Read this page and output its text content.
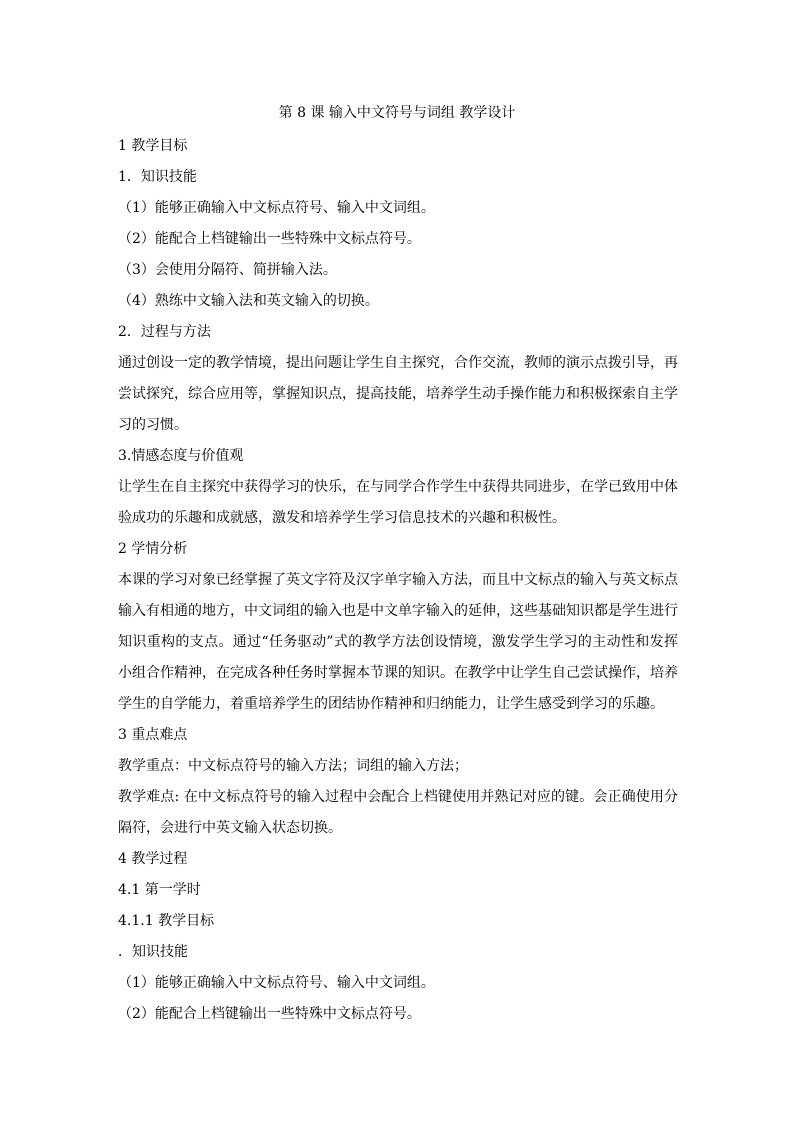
第 8 课 输入中文符号与词组 教学设计
1 教学目标
1．知识技能
（1）能够正确输入中文标点符号、输入中文词组。
（2）能配合上档键输出一些特殊中文标点符号。
（3）会使用分隔符、简拼输入法。
（4）熟练中文输入法和英文输入的切换。
2．过程与方法
通过创设一定的教学情境，提出问题让学生自主探究，合作交流，教师的演示点拨引导，再尝试探究，综合应用等，掌握知识点，提高技能，培养学生动手操作能力和积极探索自主学习的习惯。
3.情感态度与价值观
让学生在自主探究中获得学习的快乐，在与同学合作学生中获得共同进步，在学已致用中体验成功的乐趣和成就感，激发和培养学生学习信息技术的兴趣和积极性。
2 学情分析
本课的学习对象已经掌握了英文字符及汉字单字输入方法，而且中文标点的输入与英文标点输入有相通的地方，中文词组的输入也是中文单字输入的延伸，这些基础知识都是学生进行知识重构的支点。通过“任务驱动”式的教学方法创设情境，激发学生学习的主动性和发挥小组合作精神，在完成各种任务时掌握本节课的知识。在教学中让学生自己尝试操作，培养学生的自学能力，着重培养学生的团结协作精神和归纳能力，让学生感受到学习的乐趣。
3 重点难点
教学重点：中文标点符号的输入方法；词组的输入方法；
教学难点: 在中文标点符号的输入过程中会配合上档键使用并熟记对应的键。会正确使用分隔符，会进行中英文输入状态切换。
4 教学过程
4.1 第一学时
4.1.1 教学目标
．知识技能
（1）能够正确输入中文标点符号、输入中文词组。
（2）能配合上档键输出一些特殊中文标点符号。
